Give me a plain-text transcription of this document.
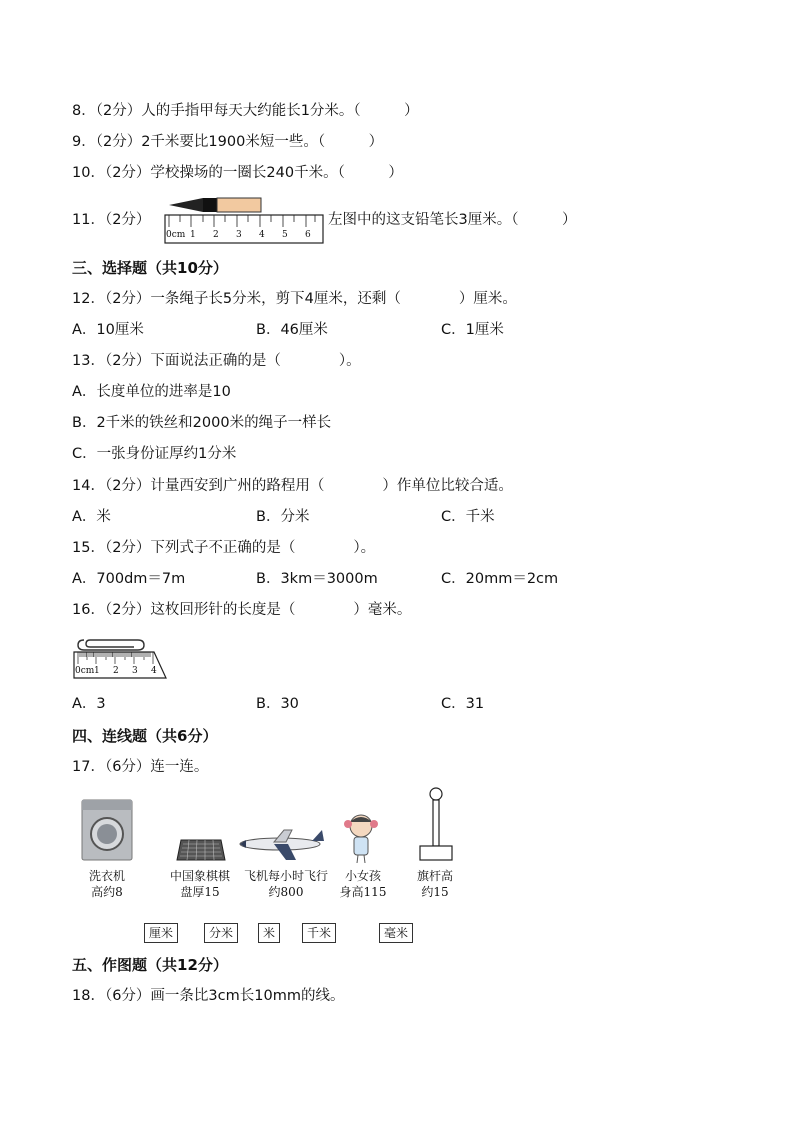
8．（2分）人的手指甲每天大约能长1分米。（　　　）
9．（2分）2千米要比1900米短一些。（　　　）
10．（2分）学校操场的一圈长240千米。（　　　）
11．（2分）
0cm 1 2 3 4 5 6
左图中的这支铅笔长3厘米。（　　　）
三、选择题（共10分）
12．（2分）一条绳子长5分米，剪下4厘米，还剩（　　　　）厘米。
A．10厘米	B．46厘米	C．1厘米
13．（2分）下面说法正确的是（　　　　）。
A．长度单位的进率是10
B．2千米的铁丝和2000米的绳子一样长
C．一张身份证厚约1分米
14．（2分）计量西安到广州的路程用（　　　　）作单位比较合适。
A．米	B．分米	C．千米
15．（2分）下列式子不正确的是（　　　　）。
A．700dm＝7m	B．3km＝3000m	C．20mm＝2cm
16．（2分）这枚回形针的长度是（　　　　）毫米。
0cm 1 2 3 4
A．3	B．30	C．31
四、连线题（共6分）
17．（6分）连一连。
洗衣机
高约8
中国象棋棋
盘厚15
飞机每小时飞行
约800
小女孩
身高115
旗杆高
约15
厘米	分米	米	千米	毫米
五、作图题（共12分）
18．（6分）画一条比3cm长10mm的线。
